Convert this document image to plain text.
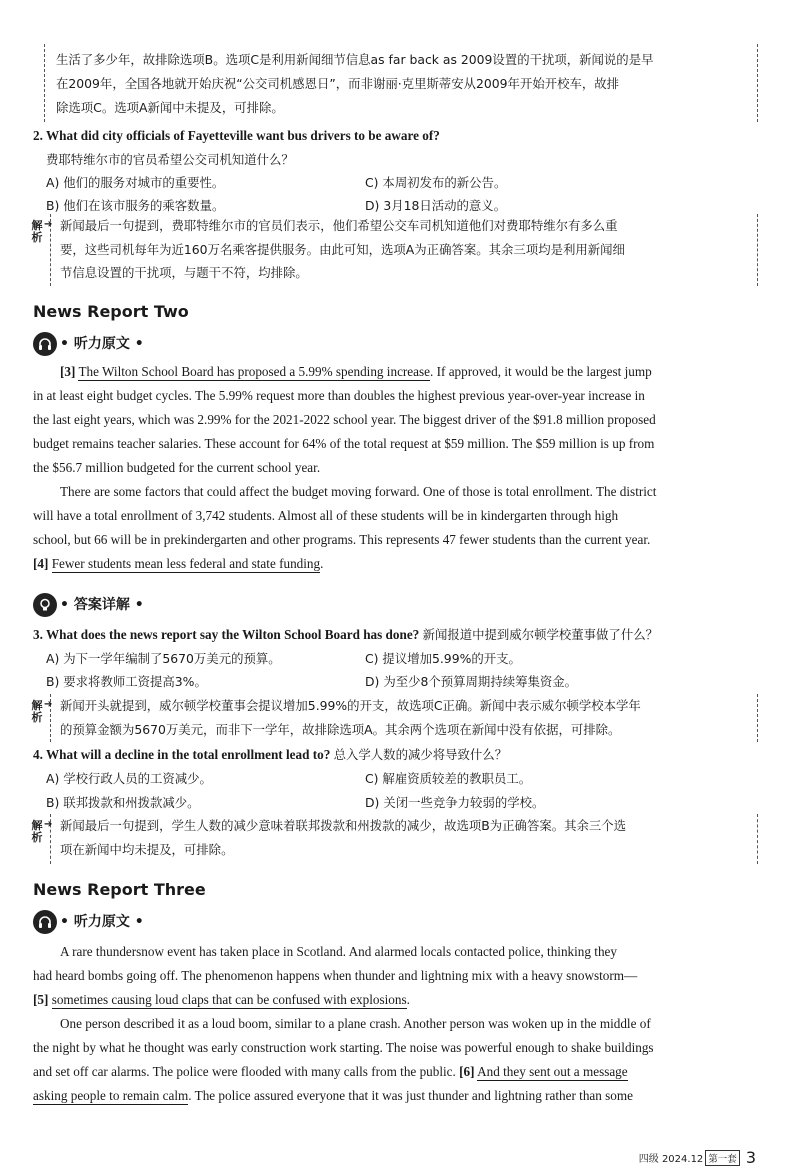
生活了多少年，故排除选项B。选项C是利用新闻细节信息as far back as 2009设置的干扰项，新闻说的是早
在2009年，全国各地就开始庆祝“公交司机感恩日”，而非谢丽·克里斯蒂安从2009年开始开校车，故排
除选项C。选项A新闻中未提及，可排除。
2. What did city officials of Fayetteville want bus drivers to be aware of?
费耶特维尔市的官员希望公交司机知道什么？
A) 他们的服务对城市的重要性。	C) 本周初发布的新公告。
B) 他们在该市服务的乘客数量。	D) 3月18日活动的意义。
解析
➔ 新闻最后一句提到，费耶特维尔市的官员们表示，他们希望公交车司机知道他们对费耶特维尔有多么重
要，这些司机每年为近160万名乘客提供服务。由此可知，选项A为正确答案。其余三项均是利用新闻细
节信息设置的干扰项，与题干不符，均排除。
News Report Two
• 听力原文 •
[3] The Wilton School Board has proposed a 5.99% spending increase. If approved, it would be the largest jump
in at least eight budget cycles. The 5.99% request more than doubles the highest previous year-over-year increase in
the last eight years, which was 2.99% for the 2021-2022 school year. The biggest driver of the $91.8 million proposed
budget remains teacher salaries. These account for 64% of the total request at $59 million. The $59 million is up from
the $56.7 million budgeted for the current school year.
There are some factors that could affect the budget moving forward. One of those is total enrollment. The district
will have a total enrollment of 3,742 students. Almost all of these students will be in kindergarten through high
school, but 66 will be in prekindergarten and other programs. This represents 47 fewer students than the current year.
[4] Fewer students mean less federal and state funding.
• 答案详解 •
3. What does the news report say the Wilton School Board has done? 新闻报道中提到威尔顿学校董事做了什么？
A) 为下一学年编制了5670万美元的预算。	C) 提议增加5.99%的开支。
B) 要求将教师工资提高3%。	D) 为至少8个预算周期持续筹集资金。
解析
➔ 新闻开头就提到，威尔顿学校董事会提议增加5.99%的开支，故选项C正确。新闻中表示威尔顿学校本学年
的预算金额为5670万美元，而非下一学年，故排除选项A。其余两个选项在新闻中没有依据，可排除。
4. What will a decline in the total enrollment lead to? 总入学人数的减少将导致什么？
A) 学校行政人员的工资减少。	C) 解雇资质较差的教职员工。
B) 联邦拨款和州拨款减少。	D) 关闭一些竞争力较弱的学校。
解析
➔ 新闻最后一句提到，学生人数的减少意味着联邦拨款和州拨款的减少，故选项B为正确答案。其余三个选
项在新闻中均未提及，可排除。
News Report Three
• 听力原文 •
A rare thundersnow event has taken place in Scotland. And alarmed locals contacted police, thinking they
had heard bombs going off. The phenomenon happens when thunder and lightning mix with a heavy snowstorm—
[5] sometimes causing loud claps that can be confused with explosions.
One person described it as a loud boom, similar to a plane crash. Another person was woken up in the middle of
the night by what he thought was early construction work starting. The noise was powerful enough to shake buildings
and set off car alarms. The police were flooded with many calls from the public. [6] And they sent out a message
asking people to remain calm. The police assured everyone that it was just thunder and lightning rather than some
四级 2024.12 第一套 3
